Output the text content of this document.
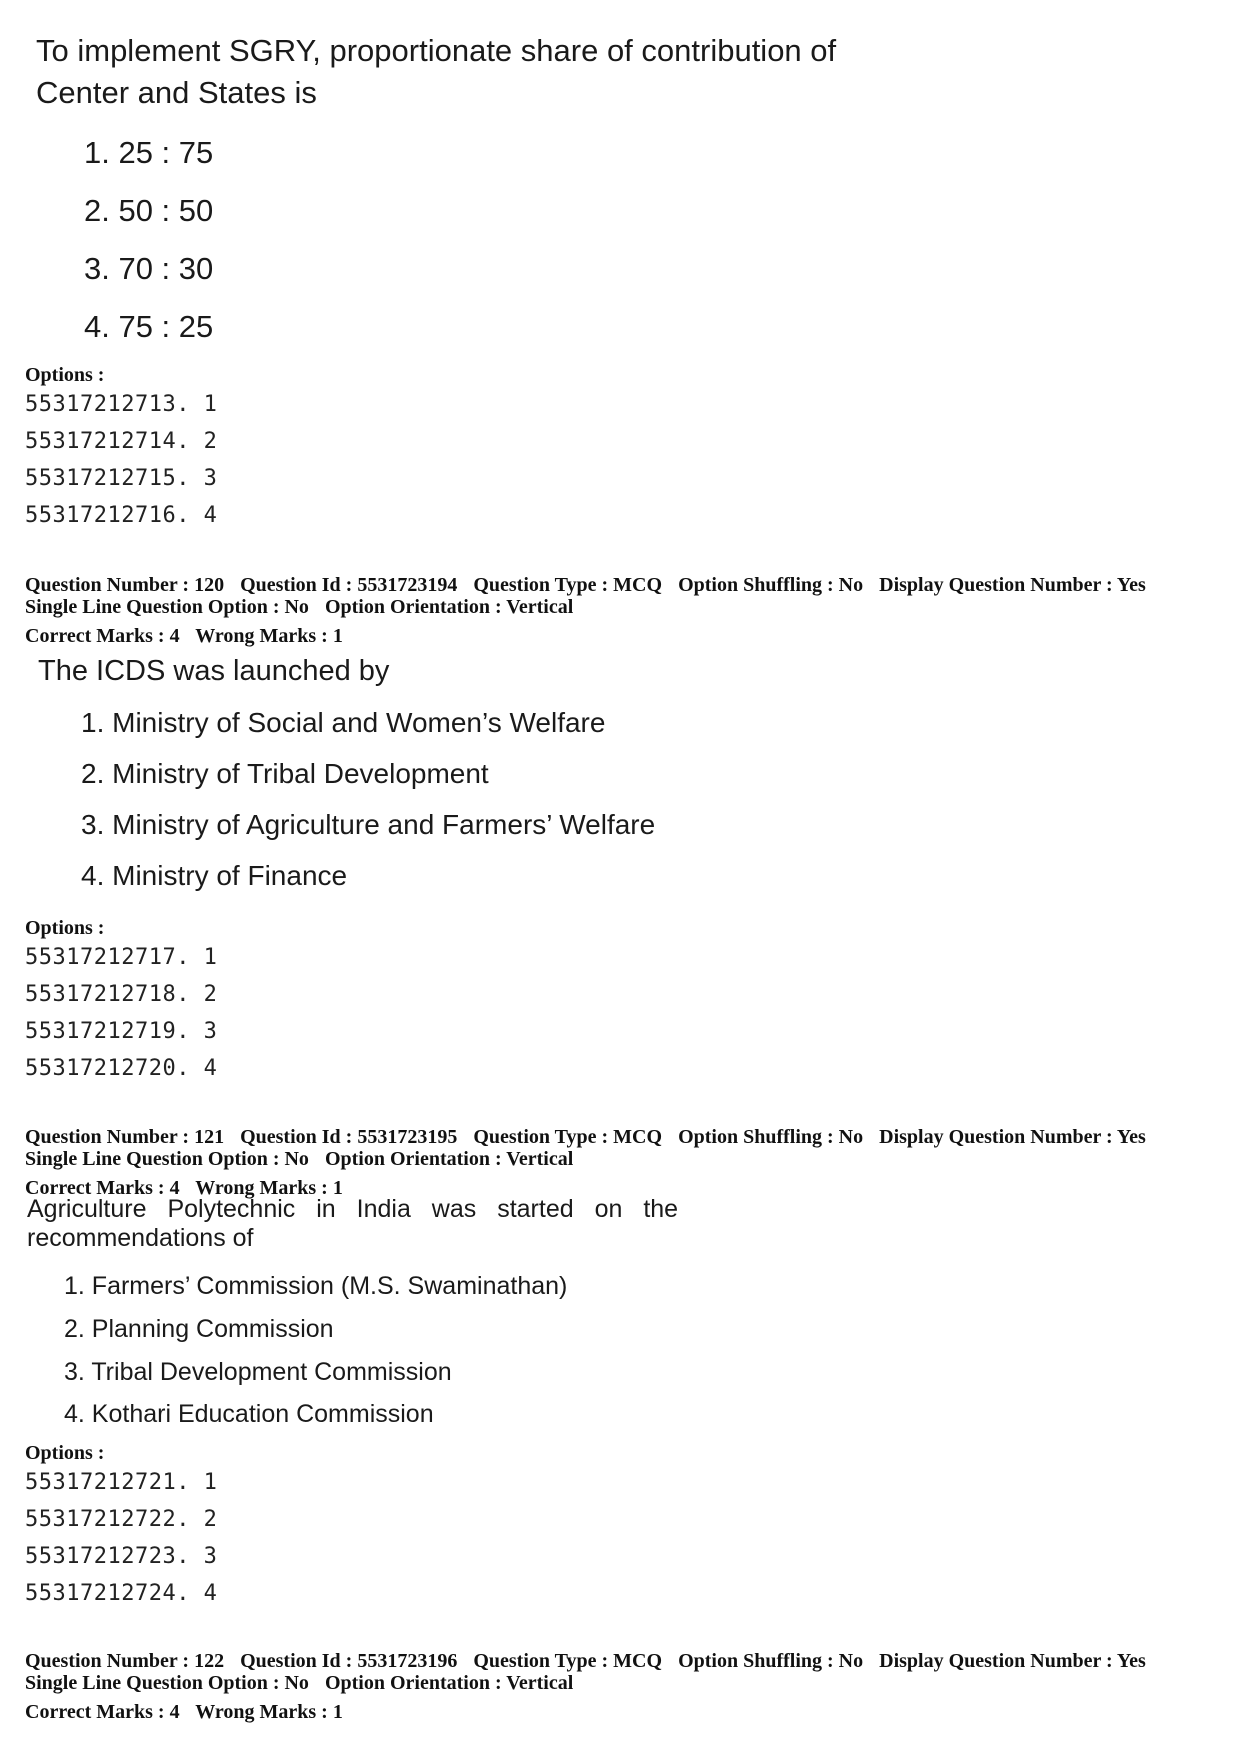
To implement SGRY, proportionate share of contribution of

Center and States is

1. 25 : 75

2. 50 : 50

3. 70 : 30

4. 75 : 25

Options :
55317212713. 1
55317212714. 2
55317212715. 3
55317212716. 4
Question Number : 120 Question Id : 5531723194 Question Type : MCQ Option Shuffling : No Display Question Number : Yes
Single Line Question Option : No Option Orientation : Vertical
Correct Marks : 4 Wrong Marks : 1

The ICDS was launched by

1. Ministry of Social and Women’s Welfare

2. Ministry of Tribal Development

3. Ministry of Agriculture and Farmers’ Welfare

4. Ministry of Finance

Options :
55317212717. 1
55317212718. 2
55317212719. 3
55317212720. 4
Question Number : 121 Question Id : 5531723195 Question Type : MCQ Option Shuffling : No Display Question Number : Yes
Single Line Question Option : No Option Orientation : Vertical
Correct Marks : 4 Wrong Marks : 1

Agriculture Polytechnic in India was started on the

recommendations of

1. Farmers’ Commission (M.S. Swaminathan)

2. Planning Commission

3. Tribal Development Commission

4. Kothari Education Commission

Options :
55317212721. 1
55317212722. 2
55317212723. 3
55317212724. 4
Question Number : 122 Question Id : 5531723196 Question Type : MCQ Option Shuffling : No Display Question Number : Yes
Single Line Question Option : No Option Orientation : Vertical
Correct Marks : 4 Wrong Marks : 1
